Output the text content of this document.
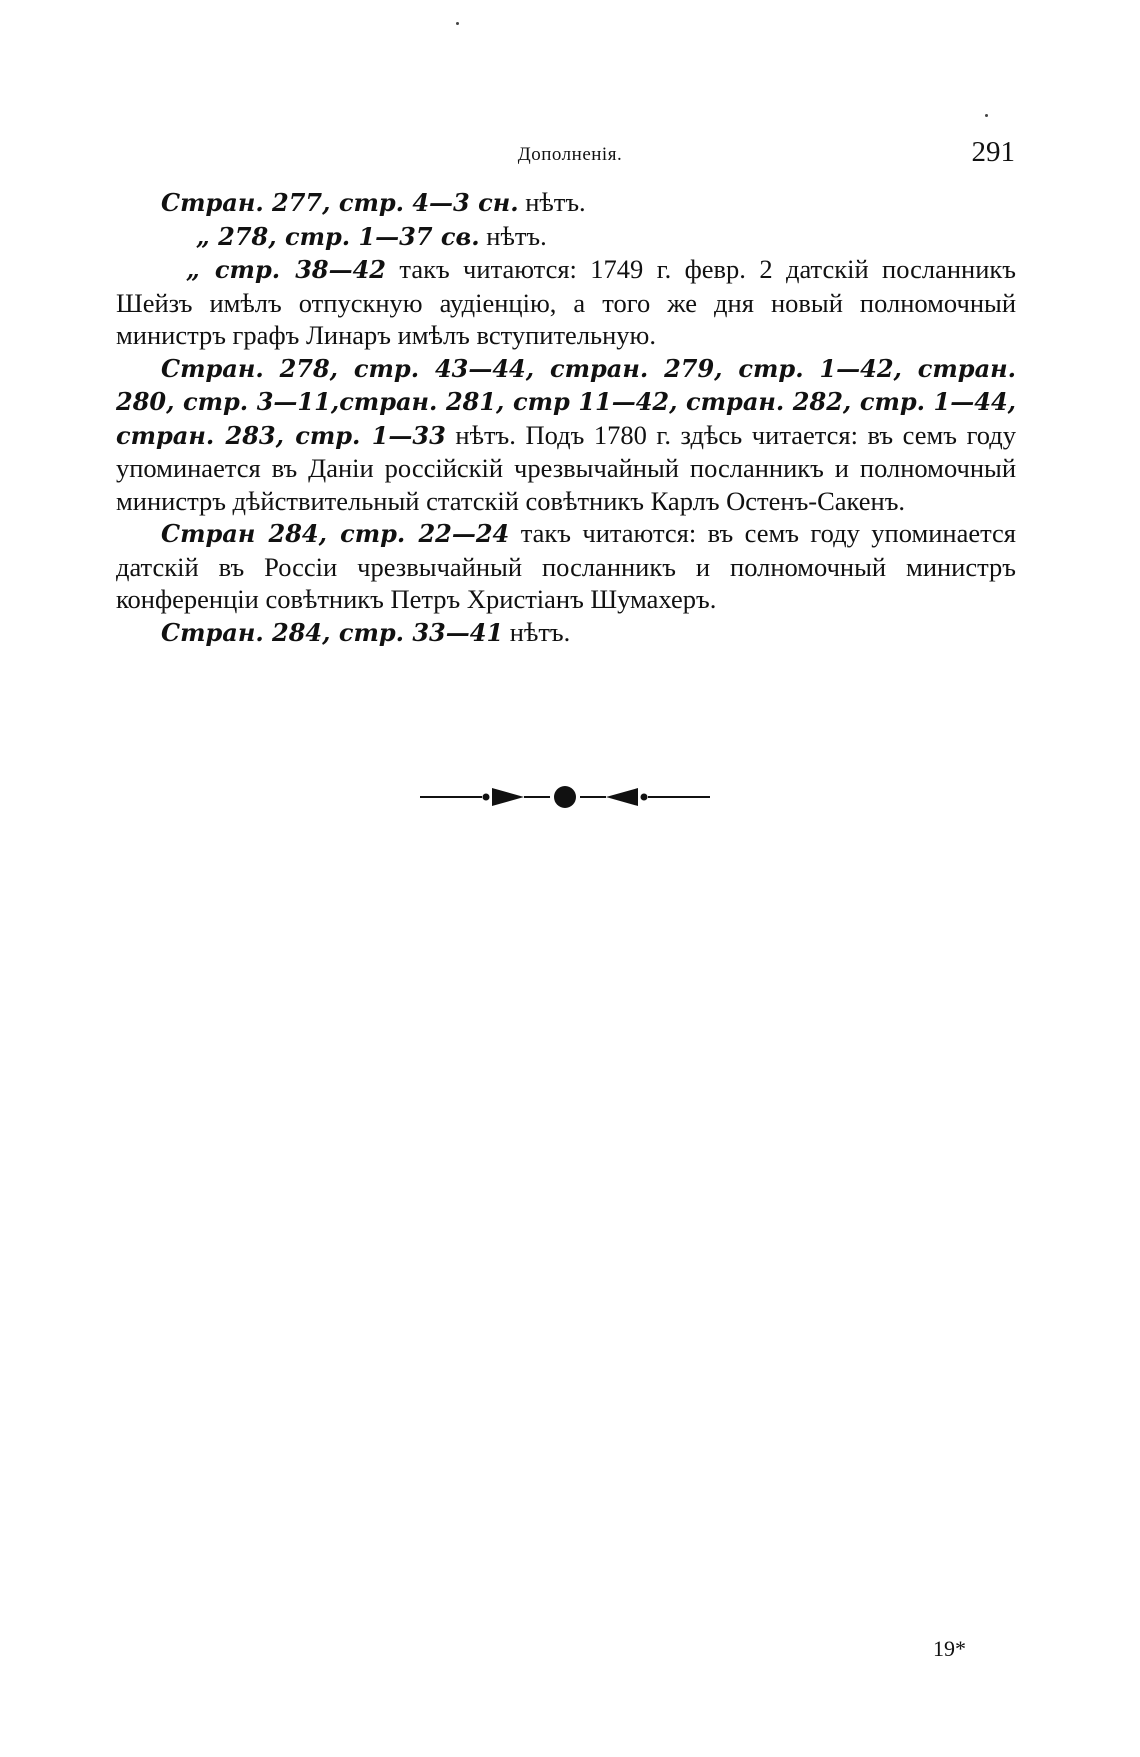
Дополненія.	291

Стран. 277, стр. 4—3 сн. нѣтъ.

„ 278, стр. 1—37 св. нѣтъ.

„ стр. 38—42 такъ читаются: 1749 г. февр. 2 датскій посланникъ Шейзъ имѣлъ отпускную аудіенцію, а того же дня новый полномочный министръ графъ Линаръ имѣлъ вступительную.

Стран. 278, стр. 43—44, стран. 279, стр. 1—42, стран. 280, стр. 3—11,стран. 281, стр 11—42, стран. 282, стр. 1—44, стран. 283, стр. 1—33 нѣтъ. Подъ 1780 г. здѣсь читается: въ семъ году упоминается въ Даніи россійскій чрезвычайный посланникъ и полномочный министръ дѣйствительный статскій совѣтникъ Карлъ Остенъ-Сакенъ.

Стран 284, стр. 22—24 такъ читаются: въ семъ году упоминается датскій въ Россіи чрезвычайный посланникъ и полномочный министръ конференціи совѣтникъ Петръ Христіанъ Шумахеръ.

Стран. 284, стр. 33—41 нѣтъ.

19*
